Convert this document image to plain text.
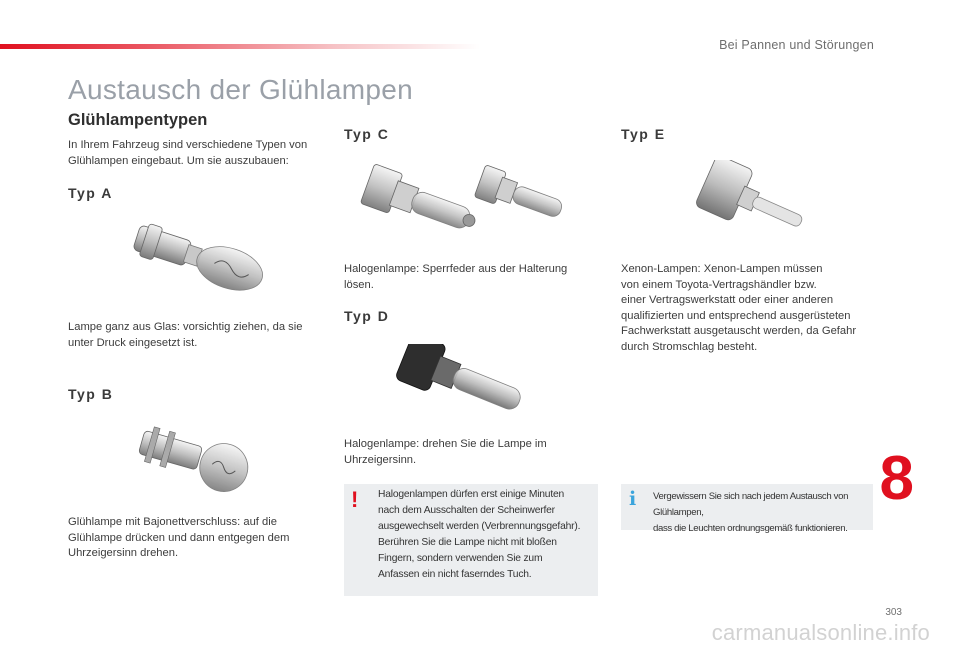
Bei Pannen und Störungen
Austausch der Glühlampen
Glühlampentypen

In Ihrem Fahrzeug sind verschiedene Typen von
Glühlampen eingebaut. Um sie auszubauen:

Typ A

Lampe ganz aus Glas: vorsichtig ziehen, da sie
unter Druck eingesetzt ist.

Typ B

Glühlampe mit Bajonettverschluss: auf die
Glühlampe drücken und dann entgegen dem
Uhrzeigersinn drehen.

Typ C

Halogenlampe: Sperrfeder aus der Halterung
lösen.

Typ D

Halogenlampe: drehen Sie die Lampe im
Uhrzeigersinn.

! Halogenlampen dürfen erst einige Minuten
nach dem Ausschalten der Scheinwerfer
ausgewechselt werden (Verbrennungsgefahr).
Berühren Sie die Lampe nicht mit bloßen
Fingern, sondern verwenden Sie zum
Anfassen ein nicht faserndes Tuch.
Typ E

Xenon-Lampen: Xenon-Lampen müssen
von einem Toyota-Vertragshändler bzw.
einer Vertragswerkstatt oder einer anderen
qualifizierten und entsprechend ausgerüsteten
Fachwerkstatt ausgetauscht werden, da Gefahr
durch Stromschlag besteht.

i Vergewissern Sie sich nach jedem Austausch von Glühlampen,
dass die Leuchten ordnungsgemäß funktionieren.
8
303
carmanualsonline.info
